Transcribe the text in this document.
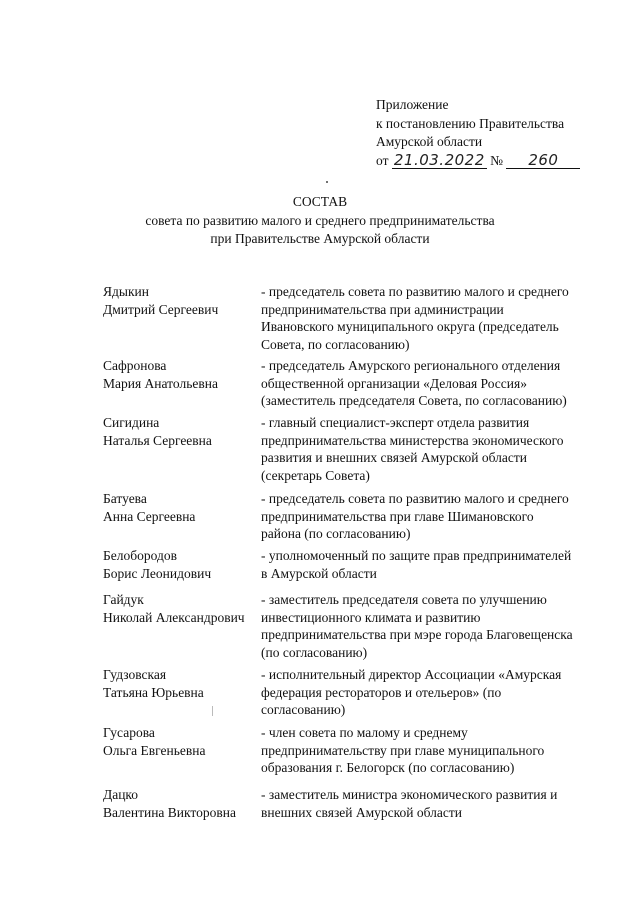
Приложение
к постановлению Правительства
Амурской области
от 21.03.2022 № 260
СОСТАВ
совета по развитию малого и среднего предпринимательства
при Правительстве Амурской области
Ядыкин
Дмитрий Сергеевич
- председатель совета по развитию малого и среднего
предпринимательства при администрации
Ивановского муниципального округа (председатель
Совета, по согласованию)
Сафронова
Мария Анатольевна
- председатель Амурского регионального отделения
общественной организации «Деловая Россия»
(заместитель председателя Совета, по согласованию)
Сигидина
Наталья Сергеевна
- главный специалист-эксперт отдела развития
предпринимательства министерства экономического
развития и внешних связей Амурской области
(секретарь Совета)
Батуева
Анна Сергеевна
- председатель совета по развитию малого и среднего
предпринимательства при главе Шимановского
района (по согласованию)
Белобородов
Борис Леонидович
- уполномоченный по защите прав предпринимателей
в Амурской области
Гайдук
Николай Александрович
- заместитель председателя совета по улучшению
инвестиционного климата и развитию
предпринимательства при мэре города Благовещенска
(по согласованию)
Гудзовская
Татьяна Юрьевна
- исполнительный директор Ассоциации «Амурская
федерация рестораторов и отельеров» (по
согласованию)
Гусарова
Ольга Евгеньевна
- член совета по малому и среднему
предпринимательству при главе муниципального
образования г. Белогорск (по согласованию)
Дацко
Валентина Викторовна
- заместитель министра экономического развития и
внешних связей Амурской области
